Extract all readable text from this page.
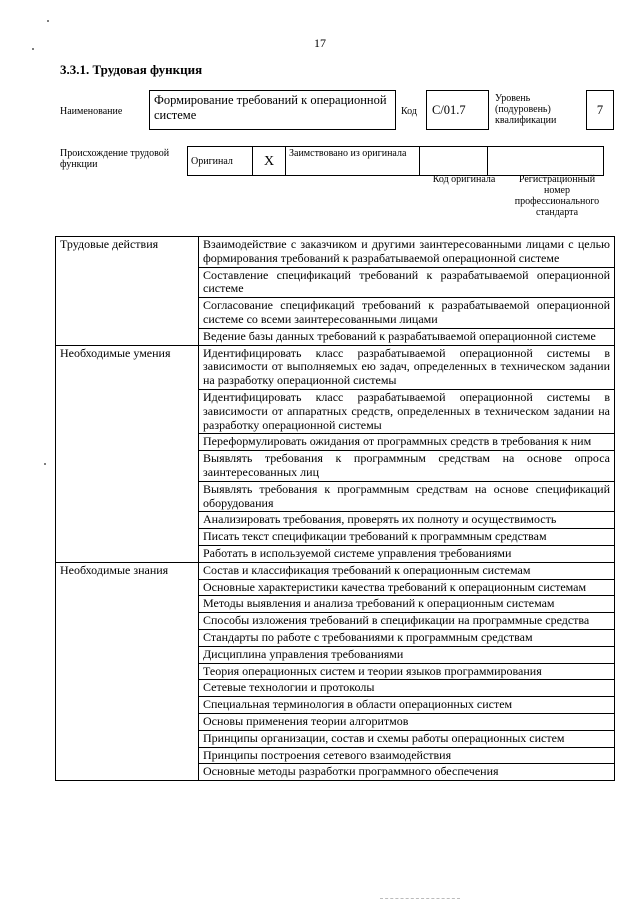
17
3.3.1. Трудовая функция
Наименование
Формирование требований к операционной системе	Код	С/01.7
Уровень (подуровень) квалификации
7
Происхождение трудовой функции	Оригинал	X	Заимствовано из оригинала		
Код оригинала	Регистрационный номер профессионального стандарта
Трудовые действия	Взаимодействие с заказчиком и другими заинтересованными лицами с целью формирования требований к разрабатываемой операционной системе
	Составление спецификаций требований к разрабатываемой операционной системе
	Согласование спецификаций требований к разрабатываемой операционной системе со всеми заинтересованными лицами
	Ведение базы данных требований к разрабатываемой операционной системе
Необходимые умения	Идентифицировать класс разрабатываемой операционной системы в зависимости от выполняемых ею задач, определенных в техническом задании на разработку операционной системы
	Идентифицировать класс разрабатываемой операционной системы в зависимости от аппаратных средств, определенных в техническом задании на разработку операционной системы
	Переформулировать ожидания от программных средств в требования к ним
	Выявлять требования к программным средствам на основе опроса заинтересованных лиц
	Выявлять требования к программным средствам на основе спецификаций оборудования
	Анализировать требования, проверять их полноту и осуществимость
	Писать текст спецификации требований к программным средствам
	Работать в используемой системе управления требованиями
Необходимые знания	Состав и классификация требований к операционным системам
	Основные характеристики качества требований к операционным системам
	Методы выявления и анализа требований к операционным системам
	Способы изложения требований в спецификации на программные средства
	Стандарты по работе с требованиями к программным средствам
	Дисциплина управления требованиями
	Теория операционных систем и теории языков программирования
	Сетевые технологии и протоколы
	Специальная терминология в области операционных систем
	Основы применения теории алгоритмов
	Принципы организации, состав и схемы работы операционных систем
	Принципы построения сетевого взаимодействия
	Основные методы разработки программного обеспечения
